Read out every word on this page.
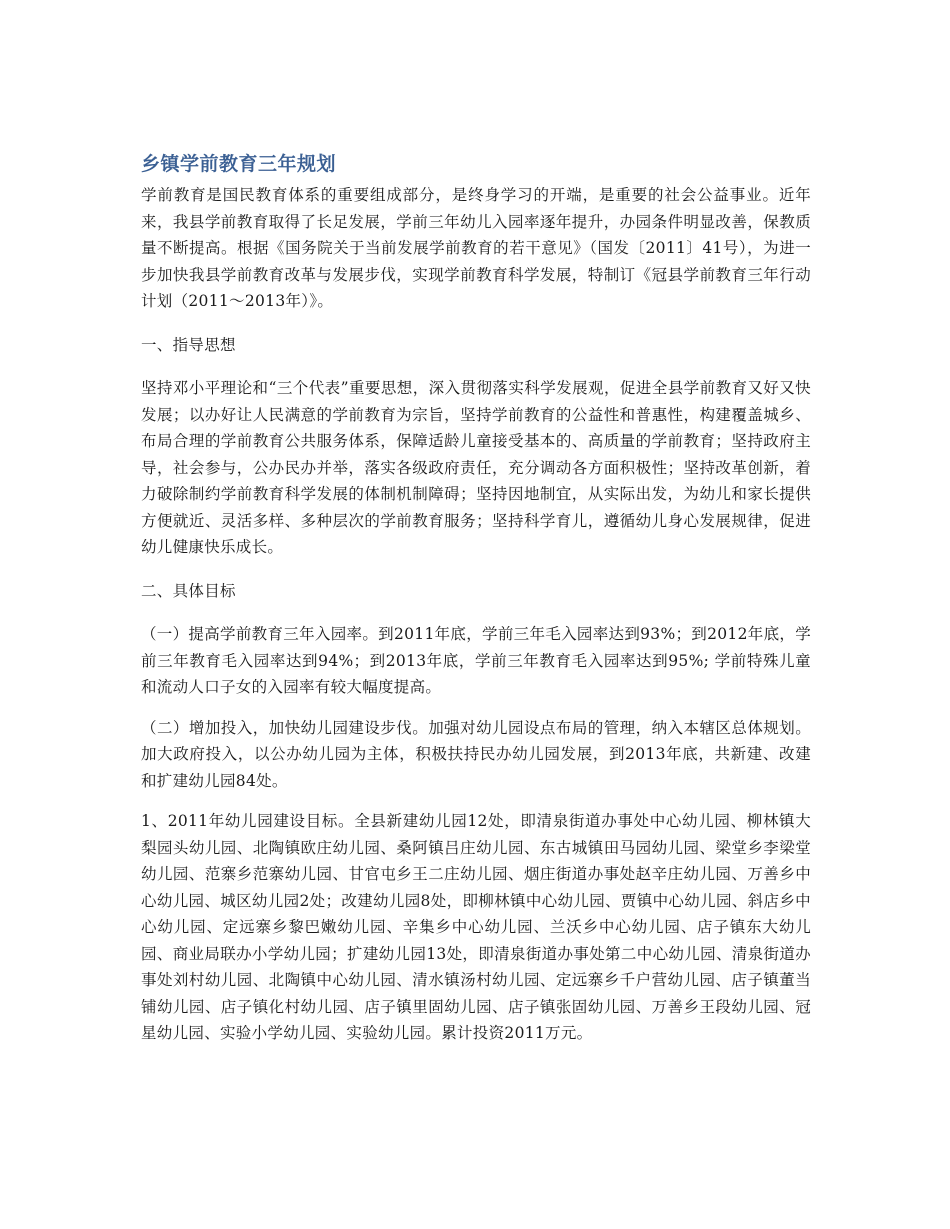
乡镇学前教育三年规划

学前教育是国民教育体系的重要组成部分，是终身学习的开端，是重要的社会公益事业。近年来，我县学前教育取得了长足发展，学前三年幼儿入园率逐年提升，办园条件明显改善，保教质量不断提高。根据《国务院关于当前发展学前教育的若干意见》（国发〔2011〕41号），为进一步加快我县学前教育改革与发展步伐，实现学前教育科学发展，特制订《冠县学前教育三年行动计划（2011～2013年）》。

一、指导思想

坚持邓小平理论和“三个代表”重要思想，深入贯彻落实科学发展观，促进全县学前教育又好又快发展；以办好让人民满意的学前教育为宗旨，坚持学前教育的公益性和普惠性，构建覆盖城乡、布局合理的学前教育公共服务体系，保障适龄儿童接受基本的、高质量的学前教育；坚持政府主导，社会参与，公办民办并举，落实各级政府责任，充分调动各方面积极性；坚持改革创新，着力破除制约学前教育科学发展的体制机制障碍；坚持因地制宜，从实际出发，为幼儿和家长提供方便就近、灵活多样、多种层次的学前教育服务；坚持科学育儿，遵循幼儿身心发展规律，促进幼儿健康快乐成长。

二、具体目标

（一）提高学前教育三年入园率。到2011年底，学前三年毛入园率达到93%；到2012年底，学前三年教育毛入园率达到94%；到2013年底，学前三年教育毛入园率达到95%; 学前特殊儿童和流动人口子女的入园率有较大幅度提高。

（二）增加投入，加快幼儿园建设步伐。加强对幼儿园设点布局的管理，纳入本辖区总体规划。加大政府投入，以公办幼儿园为主体，积极扶持民办幼儿园发展，到2013年底，共新建、改建和扩建幼儿园84处。

1、2011年幼儿园建设目标。全县新建幼儿园12处，即清泉街道办事处中心幼儿园、柳林镇大梨园头幼儿园、北陶镇欧庄幼儿园、桑阿镇吕庄幼儿园、东古城镇田马园幼儿园、梁堂乡李梁堂幼儿园、范寨乡范寨幼儿园、甘官屯乡王二庄幼儿园、烟庄街道办事处赵辛庄幼儿园、万善乡中心幼儿园、城区幼儿园2处；改建幼儿园8处，即柳林镇中心幼儿园、贾镇中心幼儿园、斜店乡中心幼儿园、定远寨乡黎巴嫩幼儿园、辛集乡中心幼儿园、兰沃乡中心幼儿园、店子镇东大幼儿园、商业局联办小学幼儿园；扩建幼儿园13处，即清泉街道办事处第二中心幼儿园、清泉街道办事处刘村幼儿园、北陶镇中心幼儿园、清水镇汤村幼儿园、定远寨乡千户营幼儿园、店子镇董当铺幼儿园、店子镇化村幼儿园、店子镇里固幼儿园、店子镇张固幼儿园、万善乡王段幼儿园、冠星幼儿园、实验小学幼儿园、实验幼儿园。累计投资2011万元。
